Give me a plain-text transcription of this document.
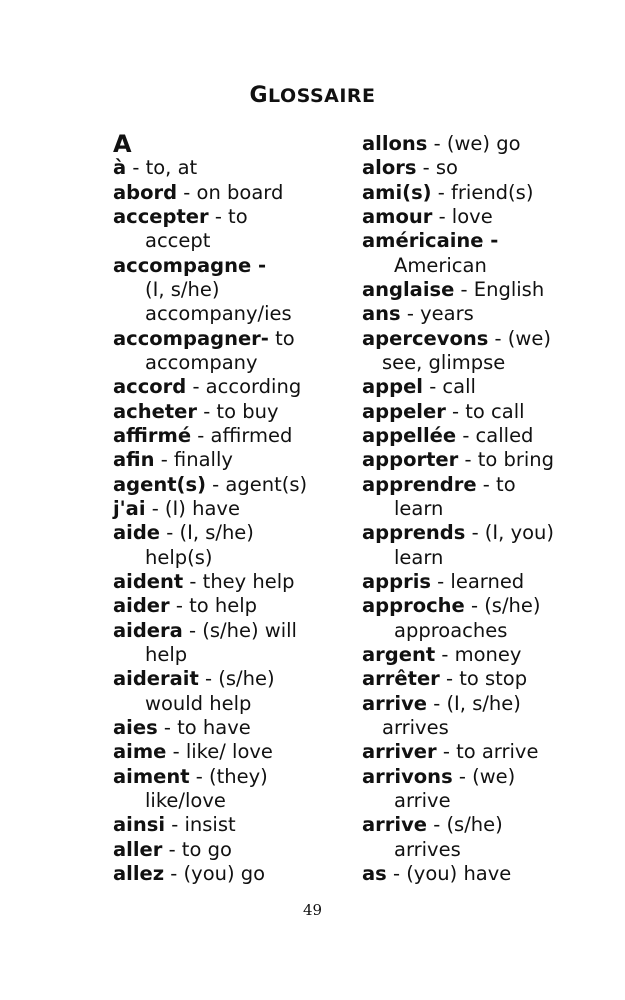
GLOSSAIRE
A
à - to, at
abord - on board
accepter - to
accept
accompagne -
(I, s/he)
accompany/ies
accompagner- to
accompany
accord - according
acheter - to buy
affirmé - affirmed
afin - finally
agent(s) - agent(s)
j'ai - (I) have
aide - (I, s/he)
help(s)
aident - they help
aider - to help
aidera - (s/he) will
help
aiderait - (s/he)
would help
aies - to have
aime - like/ love
aiment - (they)
like/love
ainsi - insist
aller - to go
allez - (you) go
allons - (we) go
alors - so
ami(s) - friend(s)
amour - love
américaine -
American
anglaise - English
ans - years
apercevons - (we)
see, glimpse
appel - call
appeler - to call
appellée - called
apporter - to bring
apprendre - to
learn
apprends - (I, you)
learn
appris - learned
approche - (s/he)
approaches
argent - money
arrêter - to stop
arrive - (I, s/he)
arrives
arriver - to arrive
arrivons - (we)
arrive
arrive - (s/he)
arrives
as - (you) have
49
